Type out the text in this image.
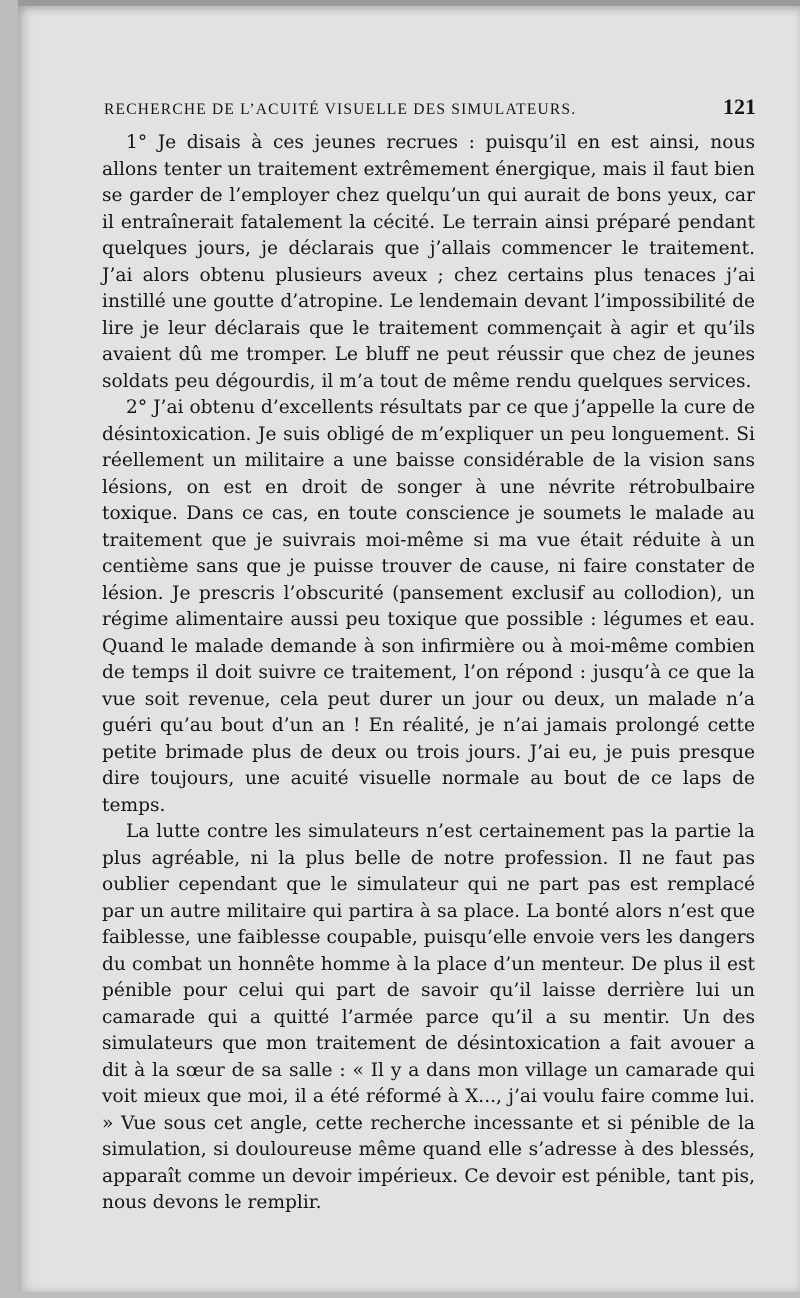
RECHERCHE DE L’ACUITÉ VISUELLE DES SIMULATEURS.	121

1° Je disais à ces jeunes recrues : puisqu’il en est ainsi, nous allons tenter un traitement extrêmement énergique, mais il faut bien se garder de l’employer chez quelqu’un qui aurait de bons yeux, car il entraînerait fatalement la cécité. Le terrain ainsi préparé pendant quelques jours, je déclarais que j’allais commencer le traitement. J’ai alors obtenu plusieurs aveux ; chez certains plus tenaces j’ai instillé une goutte d’atropine. Le lendemain devant l’impossibilité de lire je leur déclarais que le traitement commençait à agir et qu’ils avaient dû me tromper. Le bluff ne peut réussir que chez de jeunes soldats peu dégourdis, il m’a tout de même rendu quelques services.

2° J’ai obtenu d’excellents résultats par ce que j’appelle la cure de désintoxication. Je suis obligé de m’expliquer un peu longuement. Si réellement un militaire a une baisse considérable de la vision sans lésions, on est en droit de songer à une névrite rétrobulbaire toxique. Dans ce cas, en toute conscience je soumets le malade au traitement que je suivrais moi-même si ma vue était réduite à un centième sans que je puisse trouver de cause, ni faire constater de lésion. Je prescris l’obscurité (pansement exclusif au collodion), un régime alimentaire aussi peu toxique que possible : légumes et eau. Quand le malade demande à son infirmière ou à moi-même combien de temps il doit suivre ce traitement, l’on répond : jusqu’à ce que la vue soit revenue, cela peut durer un jour ou deux, un malade n’a guéri qu’au bout d’un an ! En réalité, je n’ai jamais prolongé cette petite brimade plus de deux ou trois jours. J’ai eu, je puis presque dire toujours, une acuité visuelle normale au bout de ce laps de temps.

La lutte contre les simulateurs n’est certainement pas la partie la plus agréable, ni la plus belle de notre profession. Il ne faut pas oublier cependant que le simulateur qui ne part pas est remplacé par un autre militaire qui partira à sa place. La bonté alors n’est que faiblesse, une faiblesse coupable, puisqu’elle envoie vers les dangers du combat un honnête homme à la place d’un menteur. De plus il est pénible pour celui qui part de savoir qu’il laisse derrière lui un camarade qui a quitté l’armée parce qu’il a su mentir. Un des simulateurs que mon traitement de désintoxication a fait avouer a dit à la sœur de sa salle : « Il y a dans mon village un camarade qui voit mieux que moi, il a été réformé à X..., j’ai voulu faire comme lui. » Vue sous cet angle, cette recherche incessante et si pénible de la simulation, si douloureuse même quand elle s’adresse à des blessés, apparaît comme un devoir impérieux. Ce devoir est pénible, tant pis, nous devons le remplir.
